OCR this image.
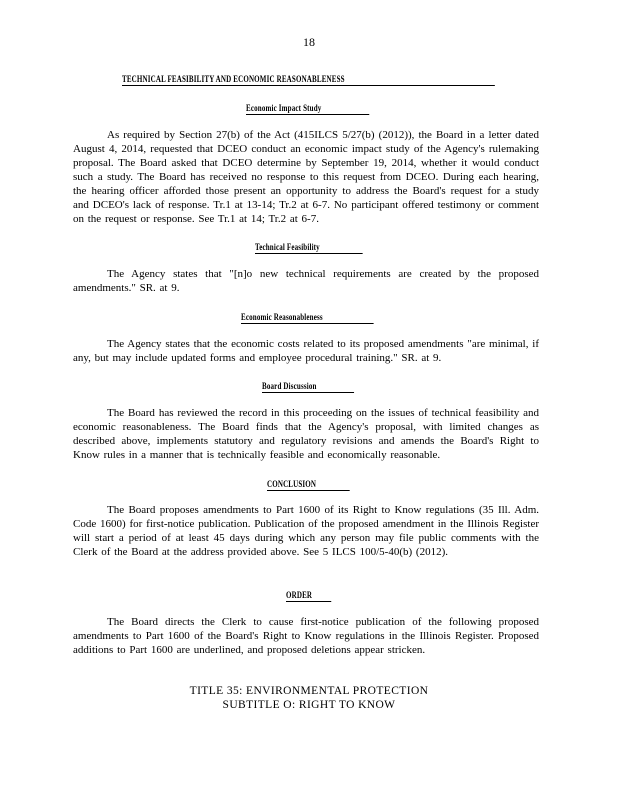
18
TECHNICAL FEASIBILITY AND ECONOMIC REASONABLENESS
Economic Impact Study
As required by Section 27(b) of the Act (415ILCS 5/27(b) (2012)), the Board in a letter dated August 4, 2014, requested that DCEO conduct an economic impact study of the Agency's rulemaking proposal. The Board asked that DCEO determine by September 19, 2014, whether it would conduct such a study. The Board has received no response to this request from DCEO. During each hearing, the hearing officer afforded those present an opportunity to address the Board's request for a study and DCEO's lack of response. Tr.1 at 13-14; Tr.2 at 6-7. No participant offered testimony or comment on the request or response. See Tr.1 at 14; Tr.2 at 6-7.
Technical Feasibility
The Agency states that "[n]o new technical requirements are created by the proposed amendments." SR. at 9.
Economic Reasonableness
The Agency states that the economic costs related to its proposed amendments "are minimal, if any, but may include updated forms and employee procedural training." SR. at 9.
Board Discussion
The Board has reviewed the record in this proceeding on the issues of technical feasibility and economic reasonableness. The Board finds that the Agency's proposal, with limited changes as described above, implements statutory and regulatory revisions and amends the Board's Right to Know rules in a manner that is technically feasible and economically reasonable.
CONCLUSION
The Board proposes amendments to Part 1600 of its Right to Know regulations (35 Ill. Adm. Code 1600) for first-notice publication. Publication of the proposed amendment in the Illinois Register will start a period of at least 45 days during which any person may file public comments with the Clerk of the Board at the address provided above. See 5 ILCS 100/5-40(b) (2012).
ORDER
The Board directs the Clerk to cause first-notice publication of the following proposed amendments to Part 1600 of the Board's Right to Know regulations in the Illinois Register. Proposed additions to Part 1600 are underlined, and proposed deletions appear stricken.
TITLE 35: ENVIRONMENTAL PROTECTION
SUBTITLE O: RIGHT TO KNOW
